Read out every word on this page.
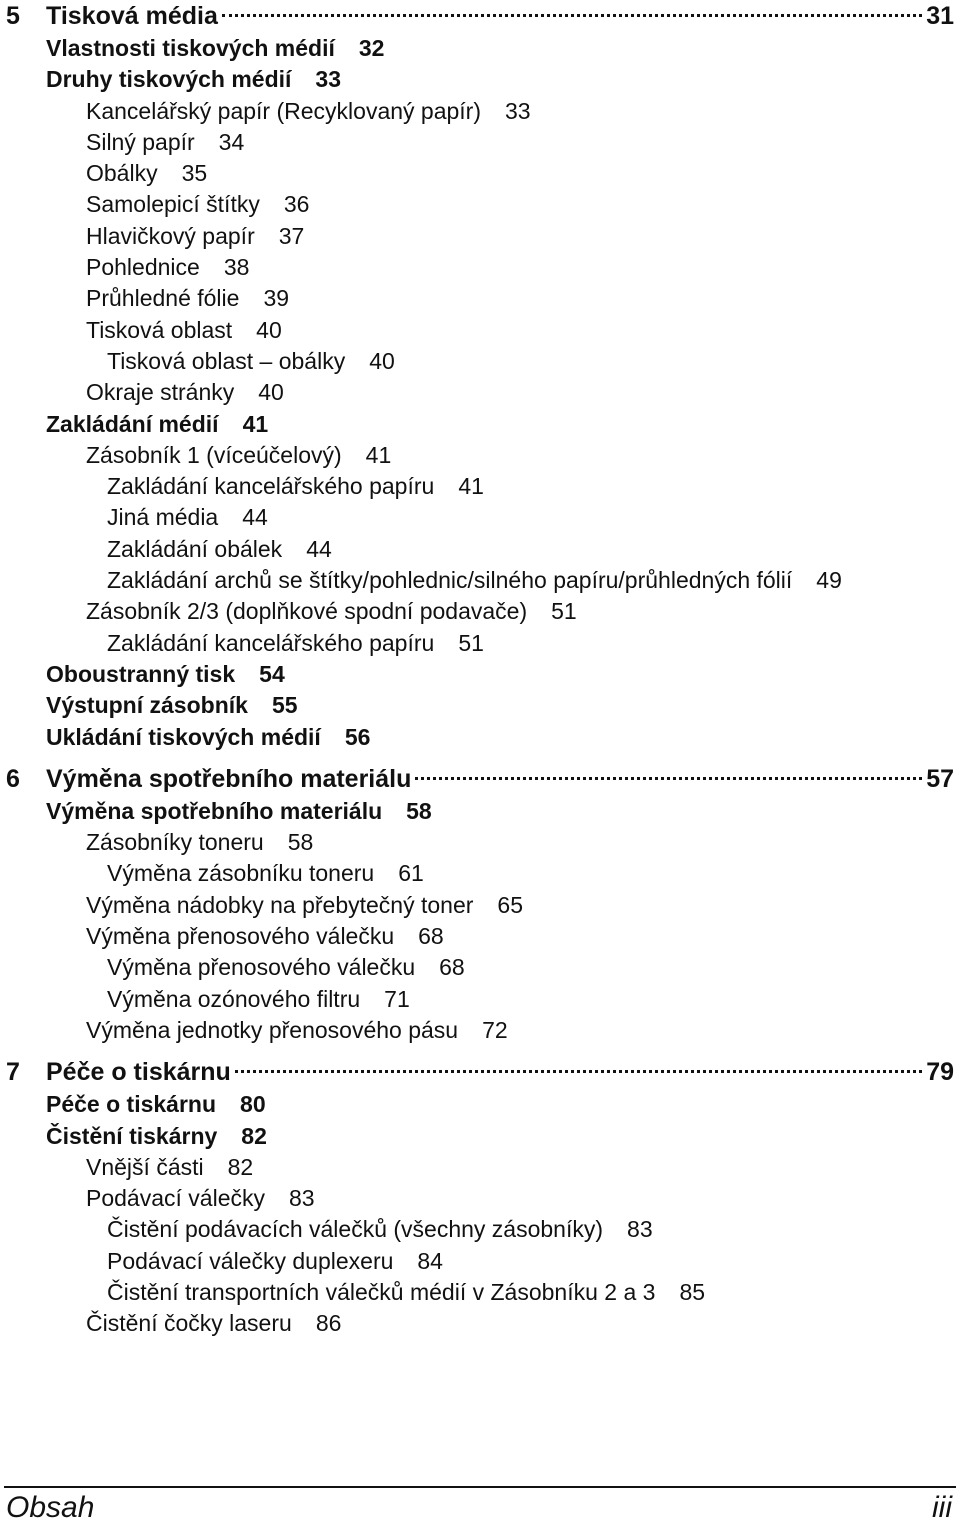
5	Tisková média	31
Vlastnosti tiskových médií 32
Druhy tiskových médií 33
Kancelářský papír (Recyklovaný papír) 33
Silný papír 34
Obálky 35
Samolepicí štítky 36
Hlavičkový papír 37
Pohlednice 38
Průhledné fólie 39
Tisková oblast 40
Tisková oblast – obálky 40
Okraje stránky 40
Zakládání médií 41
Zásobník 1 (víceúčelový) 41
Zakládání kancelářského papíru 41
Jiná média 44
Zakládání obálek 44
Zakládání archů se štítky/pohlednic/silného papíru/průhledných fólií 49
Zásobník 2/3 (doplňkové spodní podavače) 51
Zakládání kancelářského papíru 51
Oboustranný tisk 54
Výstupní zásobník 55
Ukládání tiskových médií 56
6	Výměna spotřebního materiálu	57
Výměna spotřebního materiálu 58
Zásobníky toneru 58
Výměna zásobníku toneru 61
Výměna nádobky na přebytečný toner 65
Výměna přenosového válečku 68
Výměna přenosového válečku 68
Výměna ozónového filtru 71
Výměna jednotky přenosového pásu 72
7	Péče o tiskárnu	79
Péče o tiskárnu 80
Čistění tiskárny 82
Vnější části 82
Podávací válečky 83
Čistění podávacích válečků (všechny zásobníky) 83
Podávací válečky duplexeru 84
Čistění transportních válečků médií v Zásobníku 2 a 3 85
Čistění čočky laseru 86
Obsah	iii
